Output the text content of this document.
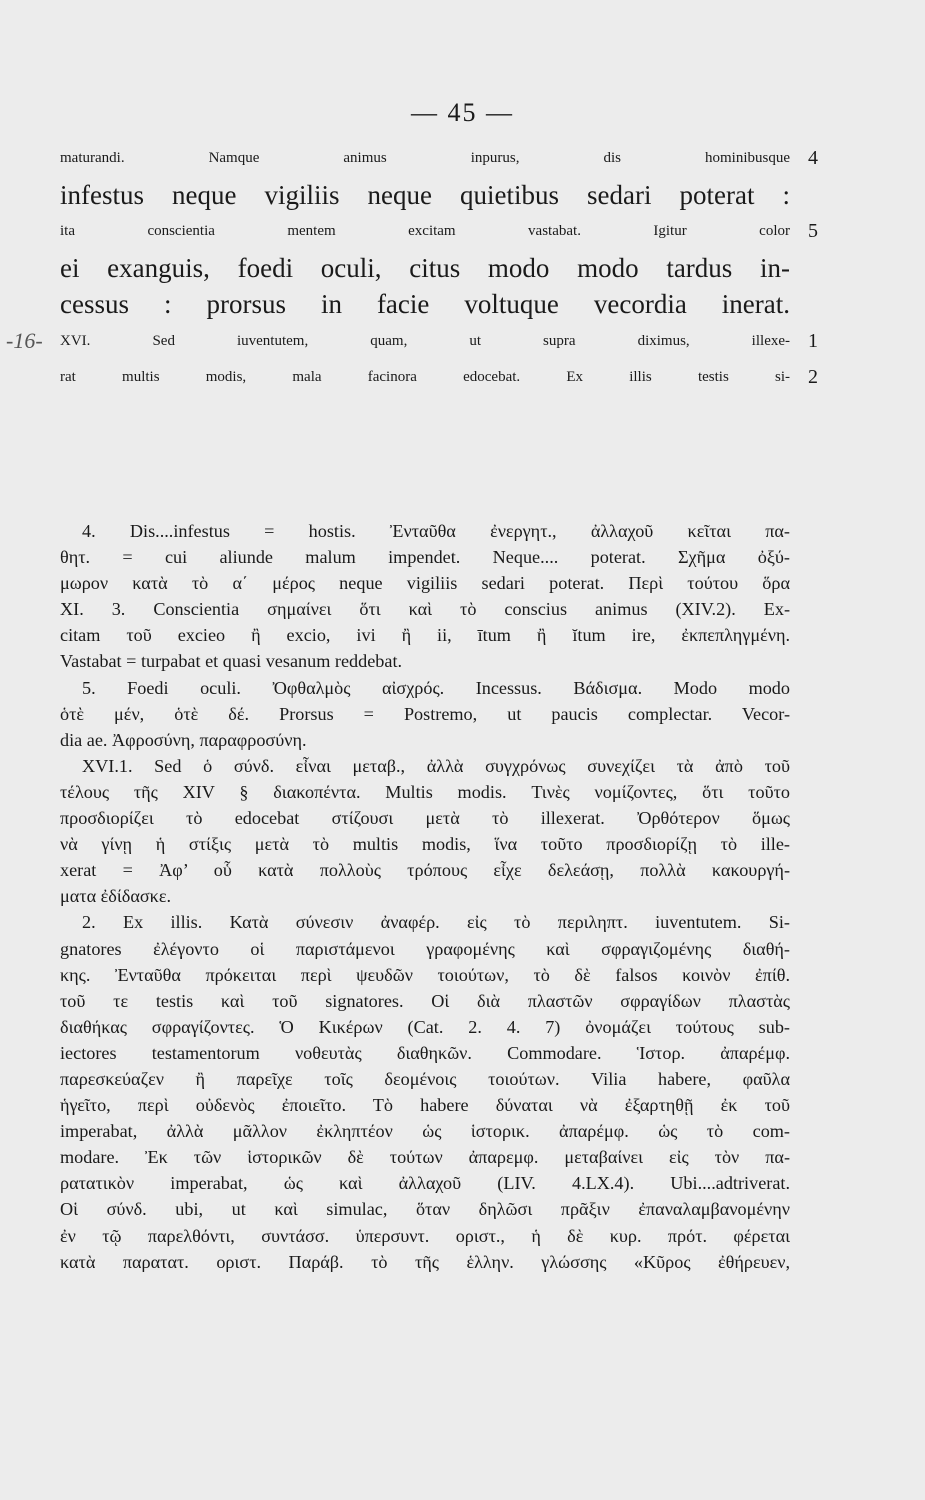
— 45 —
maturandi. Namque animus inpurus, dis hominibusque 4
infestus neque vigiliis neque quietibus sedari poterat :
ita conscientia mentem excitam vastabat. Igitur color 5
ei exanguis, foedi oculi, citus modo modo tardus in-
cessus : prorsus in facie voltuque vecordia inerat.
XVI. Sed iuventutem, quam, ut supra diximus, illexe- 1
-16-
rat multis modis, mala facinora edocebat. Ex illis testis si- 2
4. Dis....infestus = hostis. Ἐνταῦθα ἐνεργητ., ἀλλαχοῦ κεῖται πα-
θητ. = cui aliunde malum impendet. Neque.... poterat. Σχῆμα ὀξύ-
μωρον κατὰ τὸ α΄ μέρος neque vigiliis sedari poterat. Περὶ τούτου ὅρα
XI. 3. Conscientia σημαίνει ὅτι καὶ τὸ conscius animus (XIV.2). Ex-
citam τοῦ excieo ἢ excio, ivi ἢ ii, ītum ἢ ĭtum ire, ἐκπεπληγμένη.
Vastabat = turpabat et quasi vesanum reddebat.
5. Foedi oculi. Ὀφθαλμὸς αἰσχρός. Incessus. Βάδισμα. Modo modo
ὁτὲ μέν, ὁτὲ δέ. Prorsus = Postremo, ut paucis complectar. Vecor-
dia ae. Ἀφροσύνη, παραφροσύνη.
XVI.1. Sed ὁ σύνδ. εἶναι μεταβ., ἀλλὰ συγχρόνως συνεχίζει τὰ ἀπὸ τοῦ
τέλους τῆς XIV § διακοπέντα. Multis modis. Τινὲς νομίζοντες, ὅτι τοῦτο
προσδιορίζει τὸ edocebat στίζουσι μετὰ τὸ illexerat. Ὀρθότερον ὅμως
νὰ γίνῃ ἡ στίξις μετὰ τὸ multis modis, ἵνα τοῦτο προσδιορίζῃ τὸ ille-
xerat = Ἀφ’ οὗ κατὰ πολλοὺς τρόπους εἶχε δελεάσῃ, πολλὰ κακουργή-
ματα ἐδίδασκε.
2. Ex illis. Κατὰ σύνεσιν ἀναφέρ. εἰς τὸ περιληπτ. iuventutem. Si-
gnatores ἐλέγοντο οἱ παριστάμενοι γραφομένης καὶ σφραγιζομένης διαθή-
κης. Ἐνταῦθα πρόκειται περὶ ψευδῶν τοιούτων, τὸ δὲ falsos κοινὸν ἐπίθ.
τοῦ τε testis καὶ τοῦ signatores. Οἱ διὰ πλαστῶν σφραγίδων πλαστὰς
διαθήκας σφραγίζοντες. Ὁ Κικέρων (Cat. 2. 4. 7) ὀνομάζει τούτους sub-
iectores testamentorum νοθευτὰς διαθηκῶν. Commodare. Ἱστορ. ἀπαρέμφ.
παρεσκεύαζεν ἢ παρεῖχε τοῖς δεομένοις τοιούτων. Vilia habere, φαῦλα
ἡγεῖτο, περὶ οὐδενὸς ἐποιεῖτο. Τὸ habere δύναται νὰ ἐξαρτηθῇ ἐκ τοῦ
imperabat, ἀλλὰ μᾶλλον ἐκληπτέον ὡς ἱστορικ. ἀπαρέμφ. ὡς τὸ com-
modare. Ἐκ τῶν ἱστορικῶν δὲ τούτων ἀπαρεμφ. μεταβαίνει εἰς τὸν πα-
ρατατικὸν imperabat, ὡς καὶ ἀλλαχοῦ (LIV. 4.LX.4). Ubi....adtriverat.
Οἱ σύνδ. ubi, ut καὶ simulac, ὅταν δηλῶσι πρᾶξιν ἐπαναλαμβανομένην
ἐν τῷ παρελθόντι, συντάσσ. ὑπερσυντ. οριστ., ἡ δὲ κυρ. πρότ. φέρεται
κατὰ παρατατ. οριστ. Παράβ. τὸ τῆς ἑλλην. γλώσσης «Κῦρος ἐθήρευεν,
